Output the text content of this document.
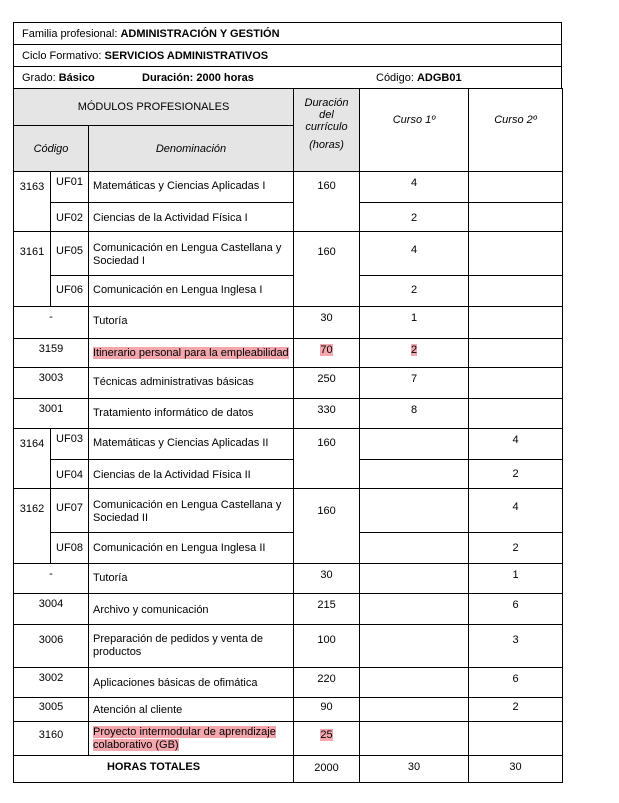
Familia profesional: ADMINISTRACIÓN Y GESTIÓN
Ciclo Formativo: SERVICIOS ADMINISTRATIVOS
Grado: Básico	Duración: 2000 horas	Código: ADGB01
MÓDULOS PROFESIONALES			Duración
del
currículo
(horas)	Curso 1º	Curso 2º
Código		Denominación			
3163	UF01	Matemáticas y Ciencias Aplicadas I	160	4	
	UF02	Ciencias de la Actividad Física I		2	
3161	UF05	Comunicación en Lengua Castellana y Sociedad I	160	4	
	UF06	Comunicación en Lengua Inglesa I		2	
-		Tutoría	30	1	
3159		Itinerario personal para la empleabilidad	70	2	
3003		Técnicas administrativas básicas	250	7	
3001		Tratamiento informático de datos	330	8	
3164	UF03	Matemáticas y Ciencias Aplicadas II	160		4
	UF04	Ciencias de la Actividad Física II			2
3162	UF07	Comunicación en Lengua Castellana y Sociedad II	160		4
	UF08	Comunicación en Lengua Inglesa II			2
-		Tutoría	30		1
3004		Archivo y comunicación	215		6
3006		Preparación de pedidos y venta de productos	100		3
3002		Aplicaciones básicas de ofimática	220		6
3005		Atención al cliente	90		2
3160		Proyecto intermodular de aprendizaje colaborativo (GB)	25		
HORAS TOTALES			2000	30	30
